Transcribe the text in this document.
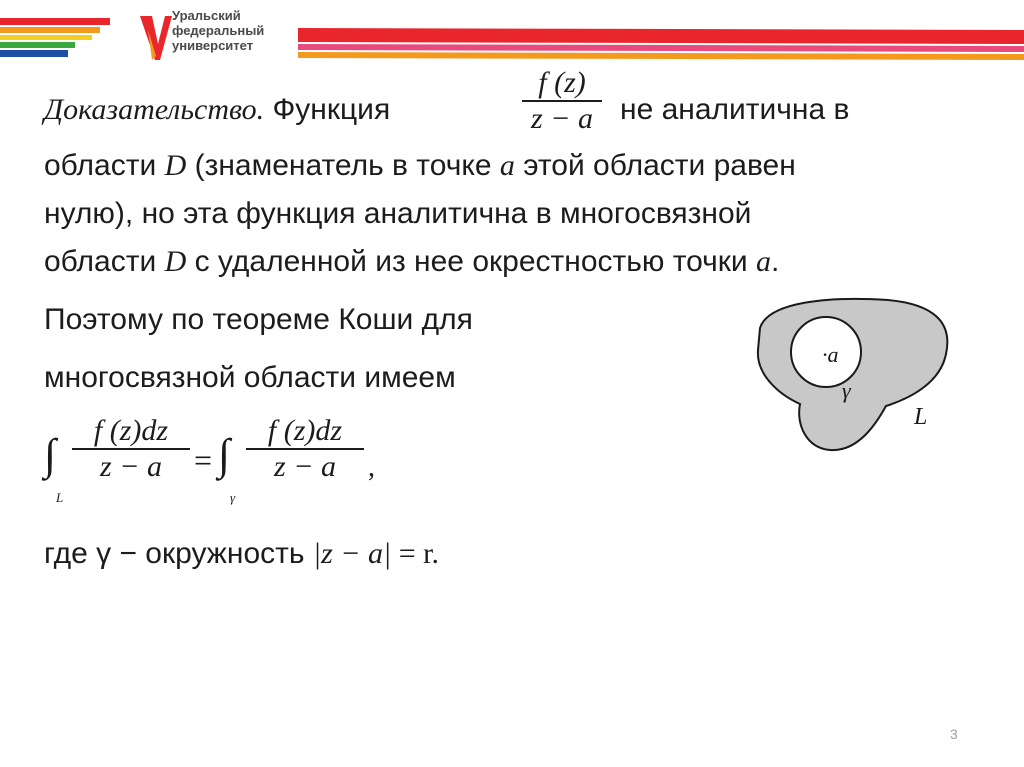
Уральский
федеральный
университет
Доказательство. Функция
f (z)
z − a не аналитична в
области D (знаменатель в точке a этой области равен
нулю), но эта функция аналитична в многосвязной
области D с удаленной из нее окрестностью точки a.
Поэтому по теореме Коши для
многосвязной области имеем
∫
L
f (z)dz
z − a	= ∫
γ
f (z)dz
z − a	,
где γ − окружность |z − a| = r.
·a
γ
L
3
